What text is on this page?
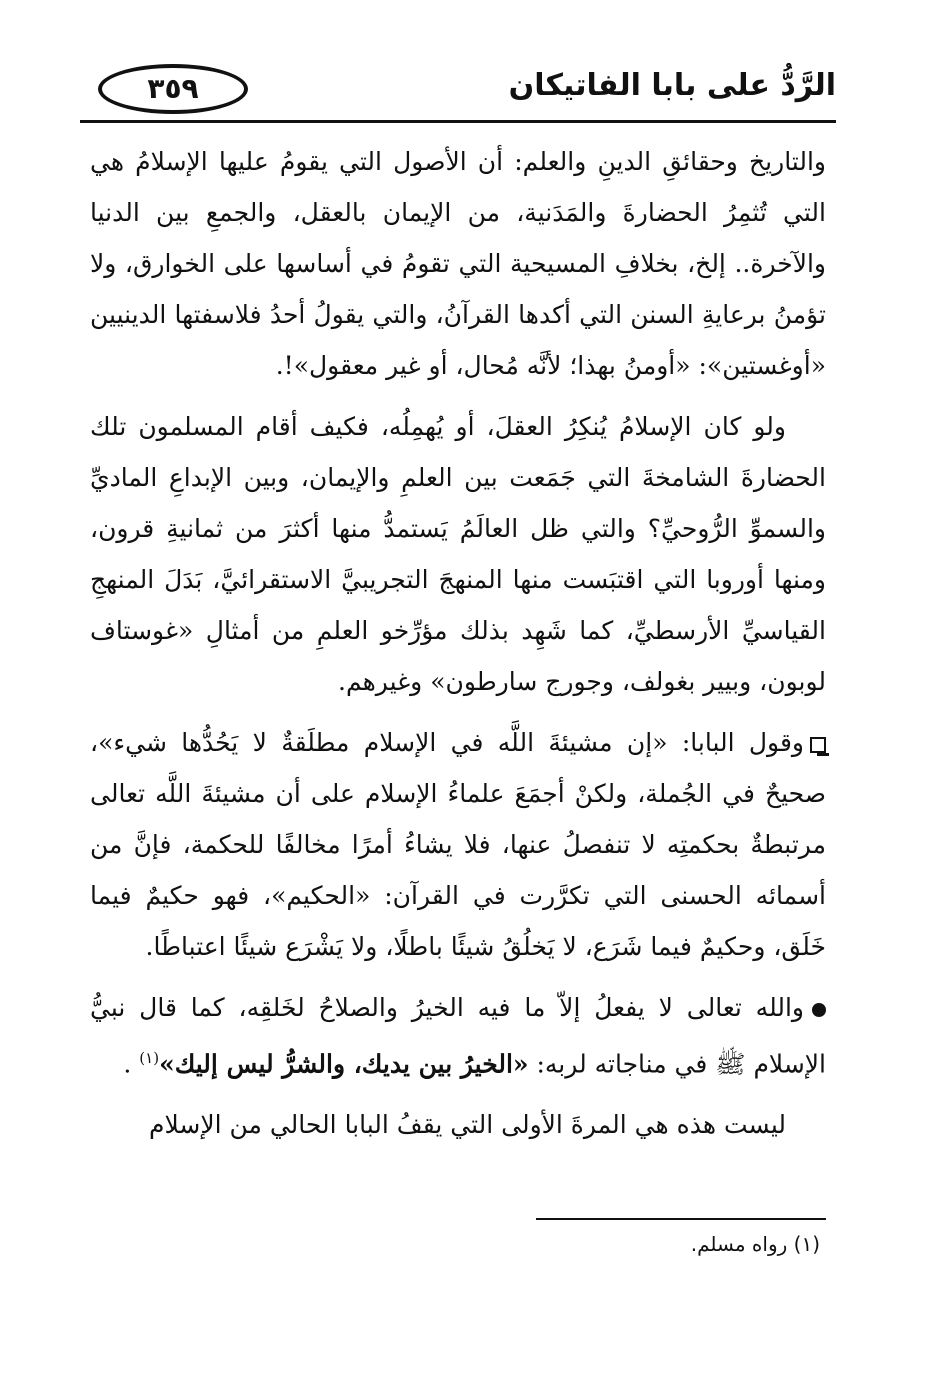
الرَّدُّ على بابا الفاتيكان
٣٥٩

والتاريخ وحقائقِ الدينِ والعلم: أن الأصول التي يقومُ عليها الإسلامُ هي التي تُثمِرُ الحضارةَ والمَدَنية، من الإيمان بالعقل، والجمعِ بين الدنيا والآخرة.. إلخ، بخلافِ المسيحية التي تقومُ في أساسها على الخوارق، ولا تؤمنُ برعايةِ السنن التي أكدها القرآنُ، والتي يقولُ أحدُ فلاسفتها الدينيين «أوغستين»: «أومنُ بهذا؛ لأنَّه مُحال، أو غير معقول»!.

ولو كان الإسلامُ يُنكِرُ العقلَ، أو يُهمِلُه، فكيف أقام المسلمون تلك الحضارةَ الشامخةَ التي جَمَعت بين العلمِ والإيمان، وبين الإبداعِ الماديِّ والسموِّ الرُّوحيِّ؟ والتي ظل العالَمُ يَستمدُّ منها أكثرَ من ثمانيةِ قرون، ومنها أوروبا التي اقتبَست منها المنهجَ التجريبيَّ الاستقرائيَّ، بَدَلَ المنهجِ القياسيِّ الأرسطيِّ، كما شَهِد بذلك مؤرِّخو العلمِ من أمثالِ «غوستاف لوبون، وبيير بغولف، وجورج سارطون» وغيرهم.

وقول البابا: «إن مشيئةَ اللَّه في الإسلام مطلَقةٌ لا يَحُدُّها شيء»، صحيحٌ في الجُملة، ولكنْ أجمَعَ علماءُ الإسلام على أن مشيئةَ اللَّه تعالى مرتبطةٌ بحكمتِه لا تنفصلُ عنها، فلا يشاءُ أمرًا مخالفًا للحكمة، فإنَّ من أسمائه الحسنى التي تكرَّرت في القرآن: «الحكيم»، فهو حكيمٌ فيما خَلَق، وحكيمٌ فيما شَرَع، لا يَخلُقُ شيئًا باطلًا، ولا يَشْرَع شيئًا اعتباطًا.

والله تعالى لا يفعلُ إلاّ ما فيه الخيرُ والصلاحُ لخَلقِه، كما قال نبيُّ الإسلام ﷺ في مناجاته لربه: «الخيرُ بين يديك، والشرُّ ليس إليك»$^{(١)}$ .

ليست هذه هي المرةَ الأولى التي يقفُ البابا الحالي من الإسلام

(١) رواه مسلم.
